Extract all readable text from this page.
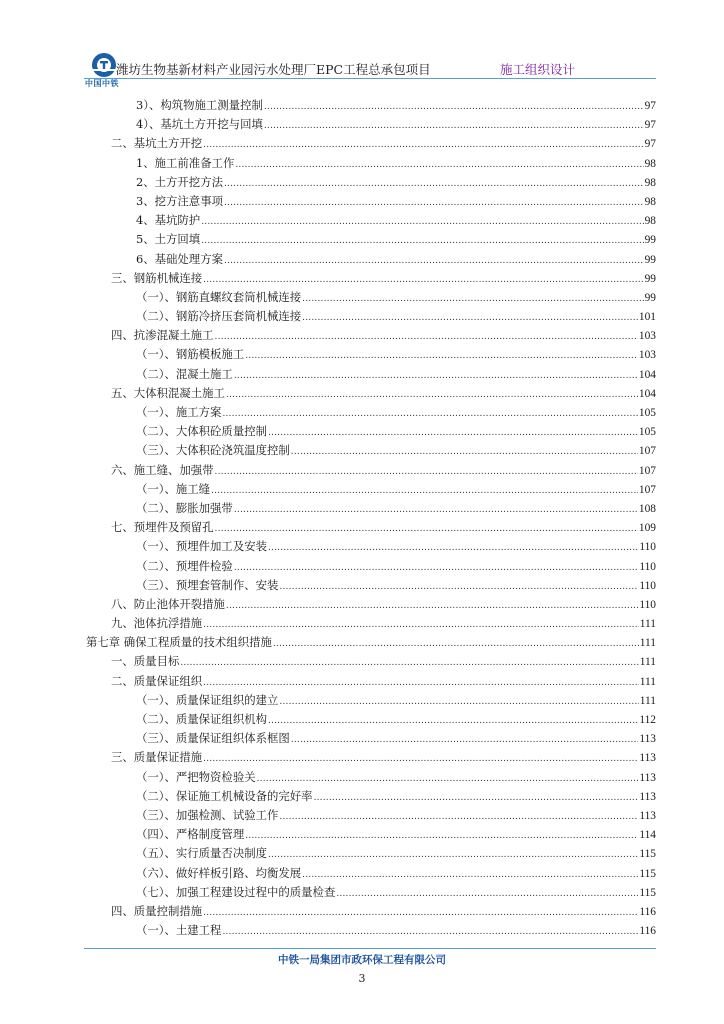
中国中铁
潍坊生物基新材料产业园污水处理厂EPC工程总承包项目	施工组织设计
3）、构筑物施工测量控制 .....	97
4）、基坑土方开挖与回填 .....	97
二、基坑土方开挖 .....	97
1、施工前准备工作 .....	98
2、土方开挖方法 .....	98
3、挖方注意事项 .....	98
4、基坑防护 .....	98
5、土方回填 .....	99
6、基础处理方案 .....	99
三、钢筋机械连接 .....	99
（一）、钢筋直螺纹套筒机械连接 .....	99
（二）、钢筋冷挤压套筒机械连接 .....	101
四、抗渗混凝土施工 .....	103
（一）、钢筋模板施工 .....	103
（二）、混凝土施工 .....	104
五、大体积混凝土施工 .....	104
（一）、施工方案 .....	105
（二）、大体积砼质量控制 .....	105
（三）、大体积砼浇筑温度控制 .....	107
六、施工缝、加强带 .....	107
（一）、施工缝 .....	107
（二）、膨胀加强带 .....	108
七、预埋件及预留孔 .....	109
（一）、预埋件加工及安装 .....	110
（二）、预埋件检验 .....	110
（三）、预埋套管制作、安装 .....	110
八、防止池体开裂措施 .....	110
九、池体抗浮措施 .....	111
第七章 确保工程质量的技术组织措施 .....	111
一、质量目标 .....	111
二、质量保证组织 .....	111
（一）、质量保证组织的建立 .....	111
（二）、质量保证组织机构 .....	112
（三）、质量保证组织体系框图 .....	113
三、质量保证措施 .....	113
（一）、严把物资检验关 .....	113
（二）、保证施工机械设备的完好率 .....	113
（三）、加强检测、试验工作 .....	113
（四）、严格制度管理 .....	114
（五）、实行质量否决制度 .....	115
（六）、做好样板引路、均衡发展 .....	115
（七）、加强工程建设过程中的质量检查 .....	115
四、质量控制措施 .....	116
（一）、土建工程 .....	116
中铁一局集团市政环保工程有限公司
3
